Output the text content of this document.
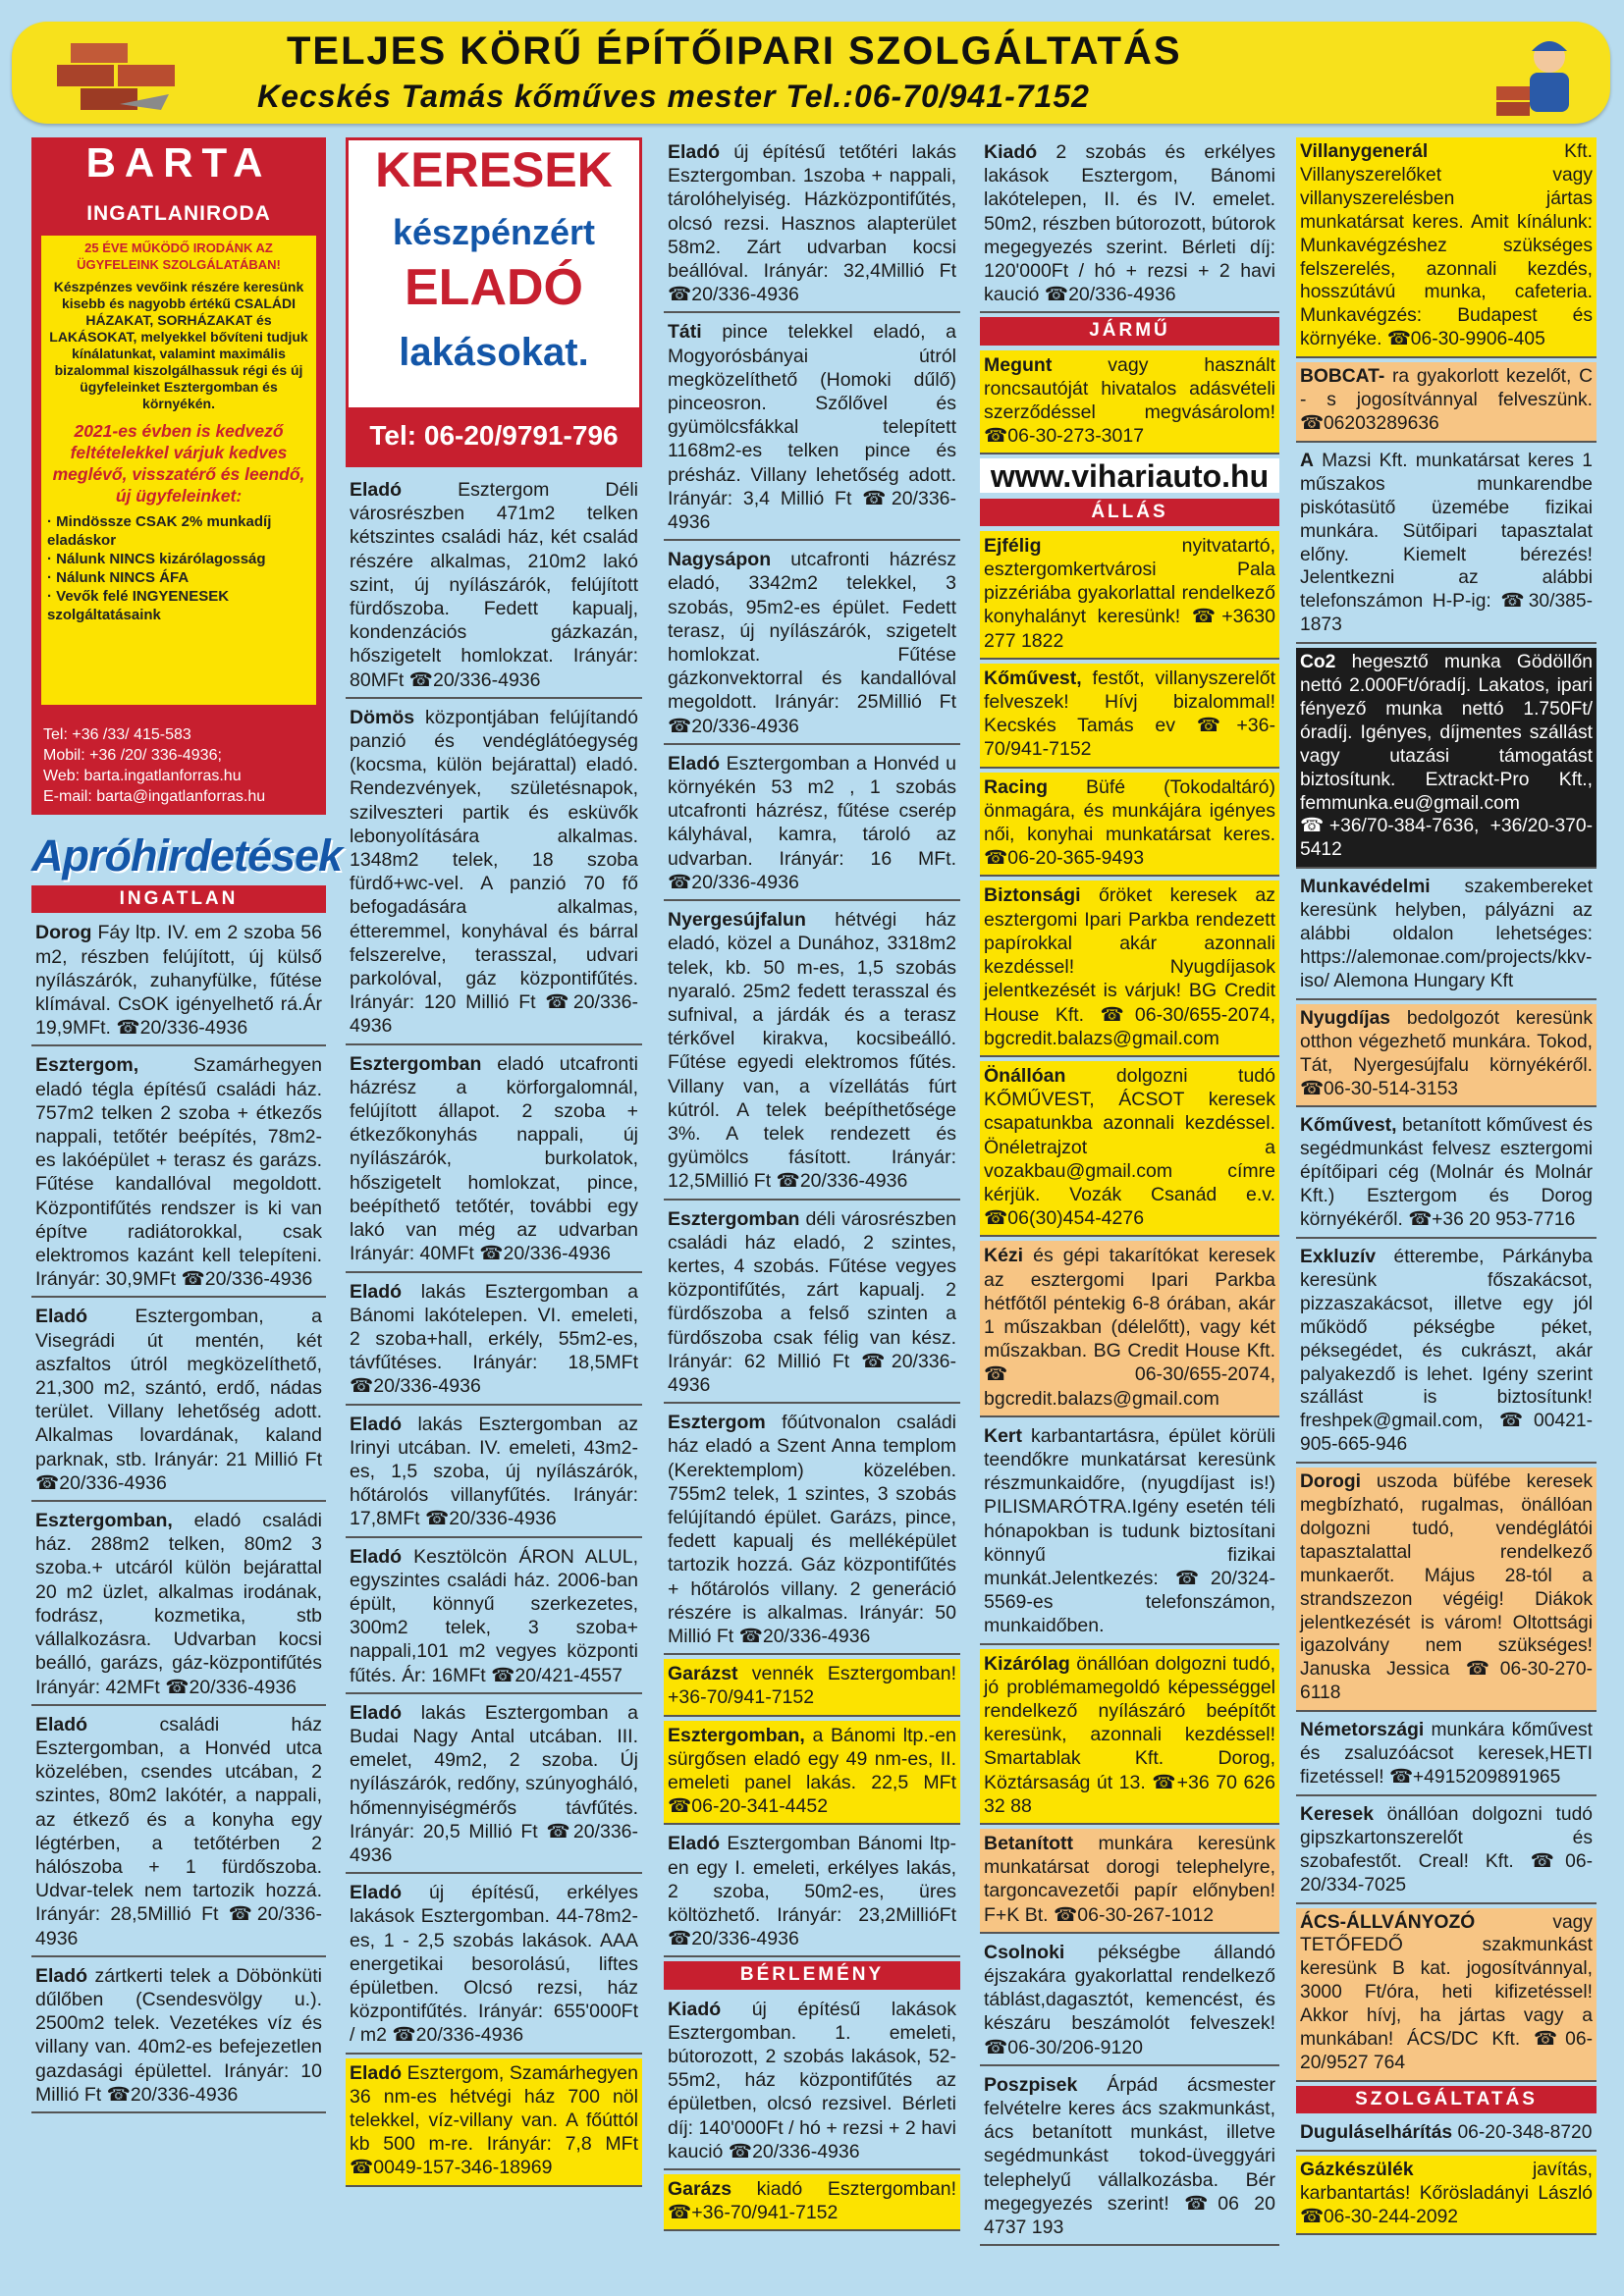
TELJES KÖRŰ ÉPÍTŐIPARI SZOLGÁLTATÁS
Kecskés Tamás kőműves mester Tel.:06-70/941-7152
BARTA
INGATLANIRODA
25 ÉVE MŰKÖDŐ IRODÁNK AZ ÜGYFELEINK SZOLGÁLATÁBAN!
Készpénzes vevőink részére keresünk kisebb és nagyobb értékű CSALÁDI HÁZAKAT, SORHÁZAKAT és LAKÁSOKAT, melyekkel bővíteni tudjuk kínálatunkat, valamint maximális bizalommal kiszolgálhassuk régi és új ügyfeleinket Esztergomban és környékén.
2021-es évben is kedvező feltételekkel várjuk kedves meglévő, visszatérő és leendő, új ügyfeleinket:
· Mindössze CSAK 2% munkadíj eladáskor
· Nálunk NINCS kizárólagosság
· Nálunk NINCS ÁFA
· Vevők felé INGYENESEK szolgáltatásaink
Tel: +36 /33/ 415-583
Mobil: +36 /20/ 336-4936;
Web: barta.ingatlanforras.hu
E-mail: barta@ingatlanforras.hu
Apróhirdetések
INGATLAN
Dorog Fáy ltp. IV. em 2 szoba 56 m2, részben felújított, új külső nyílászárók, zuhanyfülke, fűtése klímával. CsOK igényelhető rá.Ár 19,9MFt. ☎20/336-4936
Esztergom, Szamárhegyen eladó tégla építésű családi ház. 757m2 telken 2 szoba + étkezős nappali, tetőtér beépítés, 78m2-es lakóépület + terasz és garázs. Fűtése kandallóval megoldott. Központifűtés rendszer is ki van építve radiátorokkal, csak elektromos kazánt kell telepíteni. Irányár: 30,9MFt ☎20/336-4936
Eladó Esztergomban, a Visegrádi út mentén, két aszfaltos útról megközelíthető, 21,300 m2, szántó, erdő, nádas terület. Villany lehetőség adott. Alkalmas lovardának, kaland parknak, stb. Irányár: 21 Millió Ft ☎20/336-4936
Esztergomban, eladó családi ház. 288m2 telken, 80m2 3 szoba.+ utcáról külön bejárattal 20 m2 üzlet, alkalmas irodának, fodrász, kozmetika, stb vállalkozásra. Udvarban kocsi beálló, garázs, gáz-központifűtés Irányár: 42MFt ☎20/336-4936
Eladó családi ház Esztergomban, a Honvéd utca közelében, csendes utcában, 2 szintes, 80m2 lakótér, a nappali, az étkező és a konyha egy légtérben, a tetőtérben 2 hálószoba + 1 fürdőszoba. Udvar-telek nem tartozik hozzá. Irányár: 28,5Millió Ft ☎20/336-4936
Eladó zártkerti telek a Döbönküti dűlőben (Csendesvölgy u.). 2500m2 telek. Vezetékes víz és villany van. 40m2-es befejezetlen gazdasági épülettel. Irányár: 10 Millió Ft ☎20/336-4936
KERESEK
készpénzért
ELADÓ
lakásokat.
Tel: 06-20/9791-796
Eladó Esztergom Déli városrészben 471m2 telken kétszintes családi ház, két család részére alkalmas, 210m2 lakó szint, új nyílászárók, felújított fürdőszoba. Fedett kapualj, kondenzációs gázkazán, hőszigetelt homlokzat. Irányár: 80MFt ☎20/336-4936
Dömös központjában felújítandó panzió és vendéglátóegység (kocsma, külön bejárattal) eladó. Rendezvények, születésnapok, szilveszteri partik és esküvők lebonyolítására alkalmas. 1348m2 telek, 18 szoba fürdő+wc-vel. A panzió 70 fő befogadására alkalmas, étteremmel, konyhával és bárral felszerelve, terasszal, udvari parkolóval, gáz központifűtés. Irányár: 120 Millió Ft ☎20/336-4936
Esztergomban eladó utcafronti házrész a körforgalomnál, felújított állapot. 2 szoba + étkezőkonyhás nappali, új nyílászárók, burkolatok, hőszigetelt homlokzat, pince, beépíthető tetőtér, további egy lakó van még az udvarban Irányár: 40MFt ☎20/336-4936
Eladó lakás Esztergomban a Bánomi lakótelepen. VI. emeleti, 2 szoba+hall, erkély, 55m2-es, távfűtéses. Irányár: 18,5MFt ☎20/336-4936
Eladó lakás Esztergomban az Irinyi utcában. IV. emeleti, 43m2-es, 1,5 szoba, új nyílászárók, hőtárolós villanyfűtés. Irányár: 17,8MFt ☎20/336-4936
Eladó Kesztölcön ÁRON ALUL, egyszintes családi ház. 2006-ban épült, könnyű szerkezetes, 300m2 telek, 3 szoba+ nappali,101 m2 vegyes központi fűtés. Ár: 16MFt ☎20/421-4557
Eladó lakás Esztergomban a Budai Nagy Antal utcában. III. emelet, 49m2, 2 szoba. Új nyílászárók, redőny, szúnyogháló, hőmennyiségmérős távfűtés. Irányár: 20,5 Millió Ft ☎20/336-4936
Eladó új építésű, erkélyes lakások Esztergomban. 44-78m2-es, 1 - 2,5 szobás lakások. AAA energetikai besorolású, liftes épületben. Olcsó rezsi, ház központifűtés. Irányár: 655'000Ft / m2 ☎20/336-4936
Eladó Esztergom, Szamárhegyen 36 nm-es hétvégi ház 700 nöl telekkel, víz-villany van. A főúttól kb 500 m-re. Irányár: 7,8 MFt ☎0049-157-346-18969
Eladó új építésű tetőtéri lakás Esztergomban. 1szoba + nappali, tárolóhelyiség. Házközpontifűtés, olcsó rezsi. Hasznos alapterület 58m2. Zárt udvarban kocsi beállóval. Irányár: 32,4Millió Ft ☎20/336-4936
Táti pince telekkel eladó, a Mogyorósbányai útról megközelíthető (Homoki dűlő) pinceosron. Szőlővel és gyümölcsfákkal telepített 1168m2-es telken pince és présház. Villany lehetőség adott. Irányár: 3,4 Millió Ft ☎20/336-4936
Nagysápon utcafronti házrész eladó, 3342m2 telekkel, 3 szobás, 95m2-es épület. Fedett terasz, új nyílászárók, szigetelt homlokzat. Fűtése gázkonvektorral és kandallóval megoldott. Irányár: 25Millió Ft ☎20/336-4936
Eladó Esztergomban a Honvéd u környékén 53 m2 , 1 szobás utcafronti házrész, fűtése cserép kályhával, kamra, tároló az udvarban. Irányár: 16 MFt. ☎20/336-4936
Nyergesújfalun hétvégi ház eladó, közel a Dunához, 3318m2 telek, kb. 50 m-es, 1,5 szobás nyaraló. 25m2 fedett terasszal és sufnival, a járdák és a terasz térkővel kirakva, kocsibeálló. Fűtése egyedi elektromos fűtés. Villany van, a vízellátás fúrt kútról. A telek beépíthetősége 3%. A telek rendezett és gyümölcs fásított. Irányár: 12,5Millió Ft ☎20/336-4936
Esztergomban déli városrészben családi ház eladó, 2 szintes, kertes, 4 szobás. Fűtése vegyes központifűtés, zárt kapualj. 2 fürdőszoba a felső szinten a fürdőszoba csak félig van kész. Irányár: 62 Millió Ft ☎20/336-4936
Esztergom főútvonalon családi ház eladó a Szent Anna templom (Kerektemplom) közelében. 755m2 telek, 1 szintes, 3 szobás felújítandó épület. Garázs, pince, fedett kapualj és melléképület tartozik hozzá. Gáz központifűtés + hőtárolós villany. 2 generáció részére is alkalmas. Irányár: 50 Millió Ft ☎20/336-4936
Garázst vennék Esztergomban! +36-70/941-7152
Esztergomban, a Bánomi ltp.-en sürgősen eladó egy 49 nm-es, II. emeleti panel lakás. 22,5 MFt ☎06-20-341-4452
Eladó Esztergomban Bánomi ltp-en egy I. emeleti, erkélyes lakás, 2 szoba, 50m2-es, üres költözhető. Irányár: 23,2MillióFt ☎20/336-4936
BÉRLEMÉNY
Kiadó új építésű lakások Esztergomban. 1. emeleti, bútorozott, 2 szobás lakások, 52-55m2, ház központifűtés az épületben, olcsó rezsivel. Bérleti díj: 140'000Ft / hó + rezsi + 2 havi kaució ☎20/336-4936
Garázs kiadó Esztergomban! ☎+36-70/941-7152
Kiadó 2 szobás és erkélyes lakások Esztergom, Bánomi lakótelepen, II. és IV. emelet. 50m2, részben bútorozott, bútorok megegyezés szerint. Bérleti díj: 120'000Ft / hó + rezsi + 2 havi kaució ☎20/336-4936
JÁRMŰ
Megunt vagy használt roncsautóját hivatalos adásvételi szerződéssel megvásárolom! ☎06-30-273-3017
www.vihariauto.hu
ÁLLÁS
Ejfélig nyitvatartó, esztergomkertvárosi Pala pizzériába gyakorlattal rendelkező konyhalányt keresünk! ☎+3630 277 1822
Kőművest, festőt, villanyszerelőt felveszek! Hívj bizalommal! Kecskés Tamás ev ☎+36-70/941-7152
Racing Büfé (Tokodaltáró) önmagára, és munkájára igényes női, konyhai munkatársat keres. ☎06-20-365-9493
Biztonsági őröket keresek az esztergomi Ipari Parkba rendezett papírokkal akár azonnali kezdéssel! Nyugdíjasok jelentkezését is várjuk! BG Credit House Kft. ☎06-30/655-2074, bgcredit.balazs@gmail.com
Önállóan dolgozni tudó KŐMŰVEST, ÁCSOT keresek csapatunkba azonnali kezdéssel. Önéletrajzot a vozakbau@gmail.com címre kérjük. Vozák Csanád e.v. ☎06(30)454-4276
Kézi és gépi takarítókat keresek az esztergomi Ipari Parkba hétfőtől péntekig 6-8 órában, akár 1 műszakban (délelőtt), vagy két műszakban. BG Credit House Kft. ☎06-30/655-2074, bgcredit.balazs@gmail.com
Kert karbantartásra, épület körüli teendőkre munkatársat keresünk részmunkaidőre, (nyugdíjast is!) PILISMARÓTRA.Igény esetén téli hónapokban is tudunk biztosítani könnyű fizikai munkát.Jelentkezés: ☎20/324-5569-es telefonszámon, munkaidőben.
Kizárólag önállóan dolgozni tudó, jó problémamegoldó képességgel rendelkező nyílászáró beépítőt keresünk, azonnali kezdéssel! Smartablak Kft. Dorog, Köztársaság út 13. ☎+36 70 626 32 88
Betanított munkára keresünk munkatársat dorogi telephelyre, targoncavezetői papír előnyben! F+K Bt. ☎06-30-267-1012
Csolnoki pékségbe állandó éjszakára gyakorlattal rendelkező táblást,dagasztót, kemencést, és készáru beszámolót felveszek! ☎06-30/206-9120
Poszpisek Árpád ácsmester felvételre keres ács szakmunkást, ács betanított munkást, illetve segédmunkást tokod-üveggyári telephelyű vállalkozásba. Bér megegyezés szerint! ☎06 20 4737 193
Villanygenerál Kft. Villanyszerelőket vagy villanyszerelésben jártas munkatársat keres. Amit kínálunk: Munkavégzéshez szükséges felszerelés, azonnali kezdés, hosszútávú munka, cafeteria. Munkavégzés: Budapest és környéke. ☎06-30-9906-405
BOBCAT- ra gyakorlott kezelőt, C - s jogosítvánnyal felveszünk. ☎06203289636
A Mazsi Kft. munkatársat keres 1 műszakos munkarendbe piskótasütő üzemébe fizikai munkára. Sütőipari tapasztalat előny. Kiemelt bérezés! Jelentkezni az alábbi telefonszámon H-P-ig: ☎30/385-1873
Co2 hegesztő munka Gödöllőn nettó 2.000Ft/óradíj. Lakatos, ipari fényező munka nettó 1.750Ft/óradíj. Igényes, díjmentes szállást vagy utazási támogatást biztosítunk. Extrackt-Pro Kft., femmunka.eu@gmail.com ☎+36/70-384-7636, +36/20-370-5412
Munkavédelmi szakembereket keresünk helyben, pályázni az alábbi oldalon lehetséges: https://alemonae.com/projects/kkv-iso/ Alemona Hungary Kft
Nyugdíjas bedolgozót keresünk otthon végezhető munkára. Tokod, Tát, Nyergesújfalu környékéről. ☎06-30-514-3153
Kőművest, betanított kőművest és segédmunkást felvesz esztergomi építőipari cég (Molnár és Molnár Kft.) Esztergom és Dorog környékéről. ☎+36 20 953-7716
Exkluzív étterembe, Párkányba keresünk főszakácsot, pizzaszakácsot, illetve egy jól működő pékségbe péket, péksegédet, és cukrászt, akár palyakezdő is lehet. Igény szerint szállást is biztosítunk! freshpek@gmail.com, ☎00421-905-665-946
Dorogi uszoda büfébe keresek megbízható, rugalmas, önállóan dolgozni tudó, vendéglátói tapasztalattal rendelkező munkaerőt. Május 28-tól a strandszezon végéig! Diákok jelentkezését is várom! Oltottsági igazolvány nem szükséges! Januska Jessica ☎06-30-270-6118
Németországi munkára kőművest és zsaluzóácsot keresek,HETI fizetéssel! ☎+4915209891965
Keresek önállóan dolgozni tudó gipszkartonszerelőt és szobafestőt. Creal! Kft. ☎06-20/334-7025
ÁCS-ÁLLVÁNYOZÓ vagy TETŐFEDŐ szakmunkást keresünk B kat. jogosítvánnyal, 3000 Ft/óra, heti kifizetéssel! Akkor hívj, ha jártas vagy a munkában! ÁCS/DC Kft. ☎06-20/9527 764
SZOLGÁLTATÁS
Duguláselhárítás 06-20-348-8720
Gázkészülék javítás, karbantartás! Kőrösladányi László ☎06-30-244-2092
